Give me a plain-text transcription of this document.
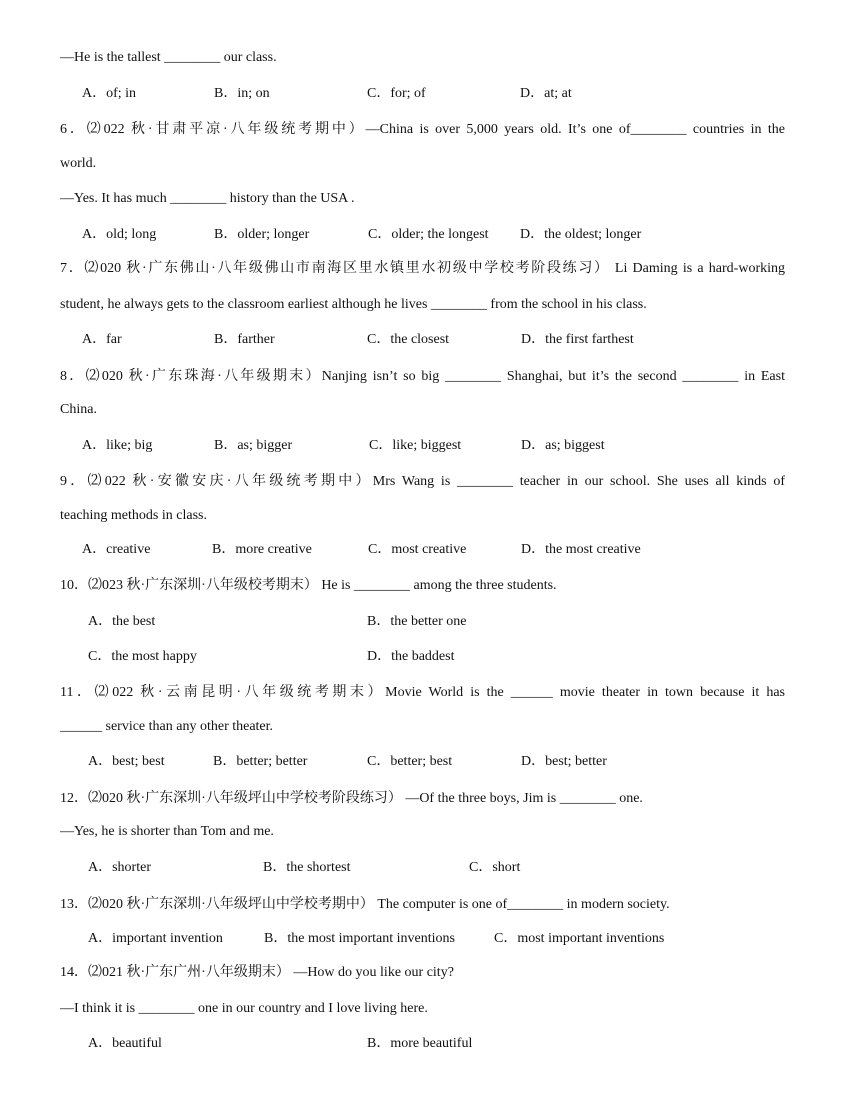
—He is the tallest ________ our class.
A．of; in	B．in; on	C．for; of	D．at; at
6．⑵022 秋·甘肃平凉·八年级统考期中）—China is over 5,000 years old. It’s one of________ countries in the
world.
—Yes. It has much ________ history than the USA .
A．old; long	B．older; longer	C．older; the longest D．the oldest; longer
7．⑵020 秋·广东佛山·八年级佛山市南海区里水镇里水初级中学校考阶段练习） Li Daming is a hard-working
student, he always gets to the classroom earliest although he lives ________ from the school in his class.
A．far	B．farther	C．the closest	D．the first farthest
8．⑵020 秋·广东珠海·八年级期末）Nanjing isn’t so big ________ Shanghai, but it’s the second ________ in East
China.
A．like; big	B．as; bigger	C．like; biggest	D．as; biggest
9．⑵022 秋·安徽安庆·八年级统考期中）Mrs Wang is ________ teacher in our school. She uses all kinds of
teaching methods in class.
A．creative	B．more creative	C．most creative	D．the most creative
10．⑵023 秋·广东深圳·八年级校考期末） He is ________ among the three students.
A．the best	B．the better one
C．the most happy	D．the baddest
11．⑵022 秋·云南昆明·八年级统考期末）Movie World is the ______ movie theater in town because it has
______ service than any other theater.
A．best; best	B．better; better	C．better; best	D．best; better
12．⑵020 秋·广东深圳·八年级坪山中学校考阶段练习） —Of the three boys, Jim is ________ one.
—Yes, he is shorter than Tom and me.
A．shorter	B．the shortest	C．short
13．⑵020 秋·广东深圳·八年级坪山中学校考期中） The computer is one of________ in modern society.
A．important invention	B．the most important inventions	C．most important inventions
14．⑵021 秋·广东广州·八年级期末） —How do you like our city?
—I think it is ________ one in our country and I love living here.
A．beautiful	B．more beautiful
